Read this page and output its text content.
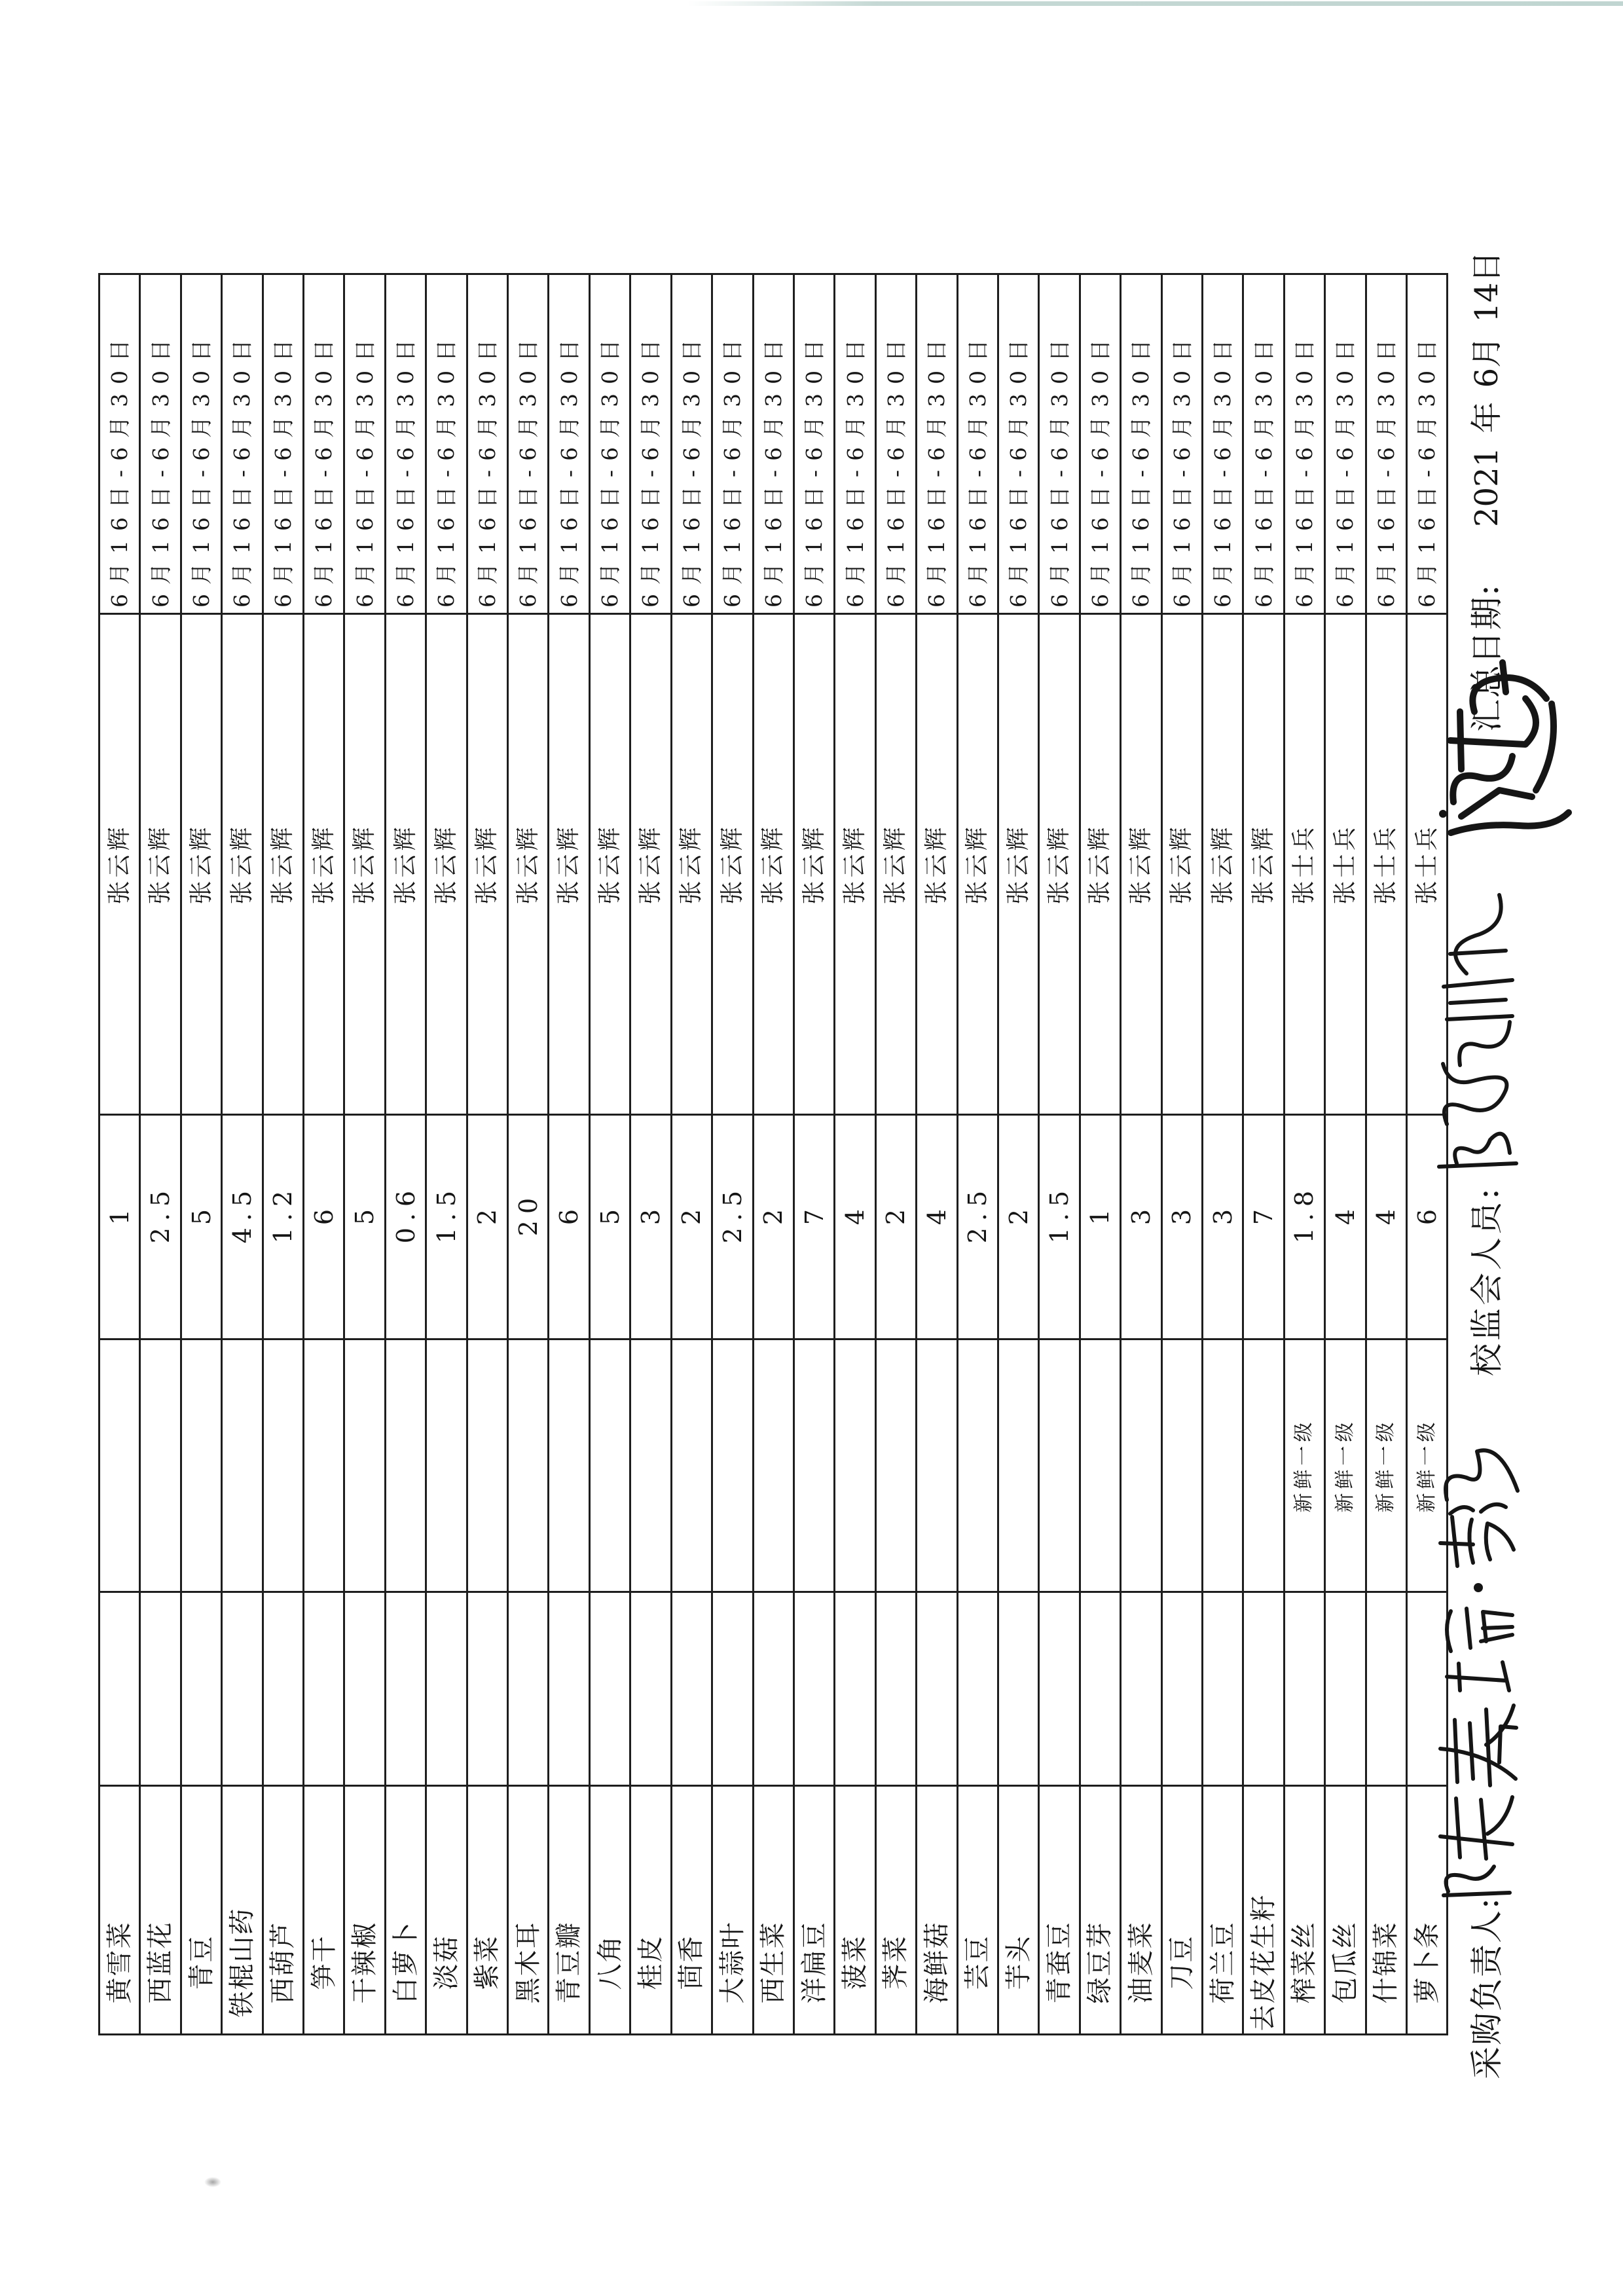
黄雪菜			1	张云辉	6月16日-6月30日
西蓝花			2.5	张云辉	6月16日-6月30日
青豆			5	张云辉	6月16日-6月30日
铁棍山药			4.5	张云辉	6月16日-6月30日
西葫芦			1.2	张云辉	6月16日-6月30日
笋干			6	张云辉	6月16日-6月30日
干辣椒			5	张云辉	6月16日-6月30日
白萝卜			0.6	张云辉	6月16日-6月30日
淡菇			1.5	张云辉	6月16日-6月30日
紫菜			2	张云辉	6月16日-6月30日
黑木耳			20	张云辉	6月16日-6月30日
青豆瓣			6	张云辉	6月16日-6月30日
八角			5	张云辉	6月16日-6月30日
桂皮			3	张云辉	6月16日-6月30日
茴香			2	张云辉	6月16日-6月30日
大蒜叶			2.5	张云辉	6月16日-6月30日
西生菜			2	张云辉	6月16日-6月30日
洋扁豆			7	张云辉	6月16日-6月30日
菠菜			4	张云辉	6月16日-6月30日
荠菜			2	张云辉	6月16日-6月30日
海鲜菇			4	张云辉	6月16日-6月30日
芸豆			2.5	张云辉	6月16日-6月30日
芋头			2	张云辉	6月16日-6月30日
青蚕豆			1.5	张云辉	6月16日-6月30日
绿豆芽			1	张云辉	6月16日-6月30日
油麦菜			3	张云辉	6月16日-6月30日
刀豆			3	张云辉	6月16日-6月30日
荷兰豆			3	张云辉	6月16日-6月30日
去皮花生籽			7	张云辉	6月16日-6月30日
榨菜丝		新鲜一级	1.8	张士兵	6月16日-6月30日
包瓜丝		新鲜一级	4	张士兵	6月16日-6月30日
什锦菜		新鲜一级	4	张士兵	6月16日-6月30日
萝卜条		新鲜一级	6	张士兵	6月16日-6月30日
采购负责人:
校监会人员:
汇总日期:
2021 年 6月 14日
